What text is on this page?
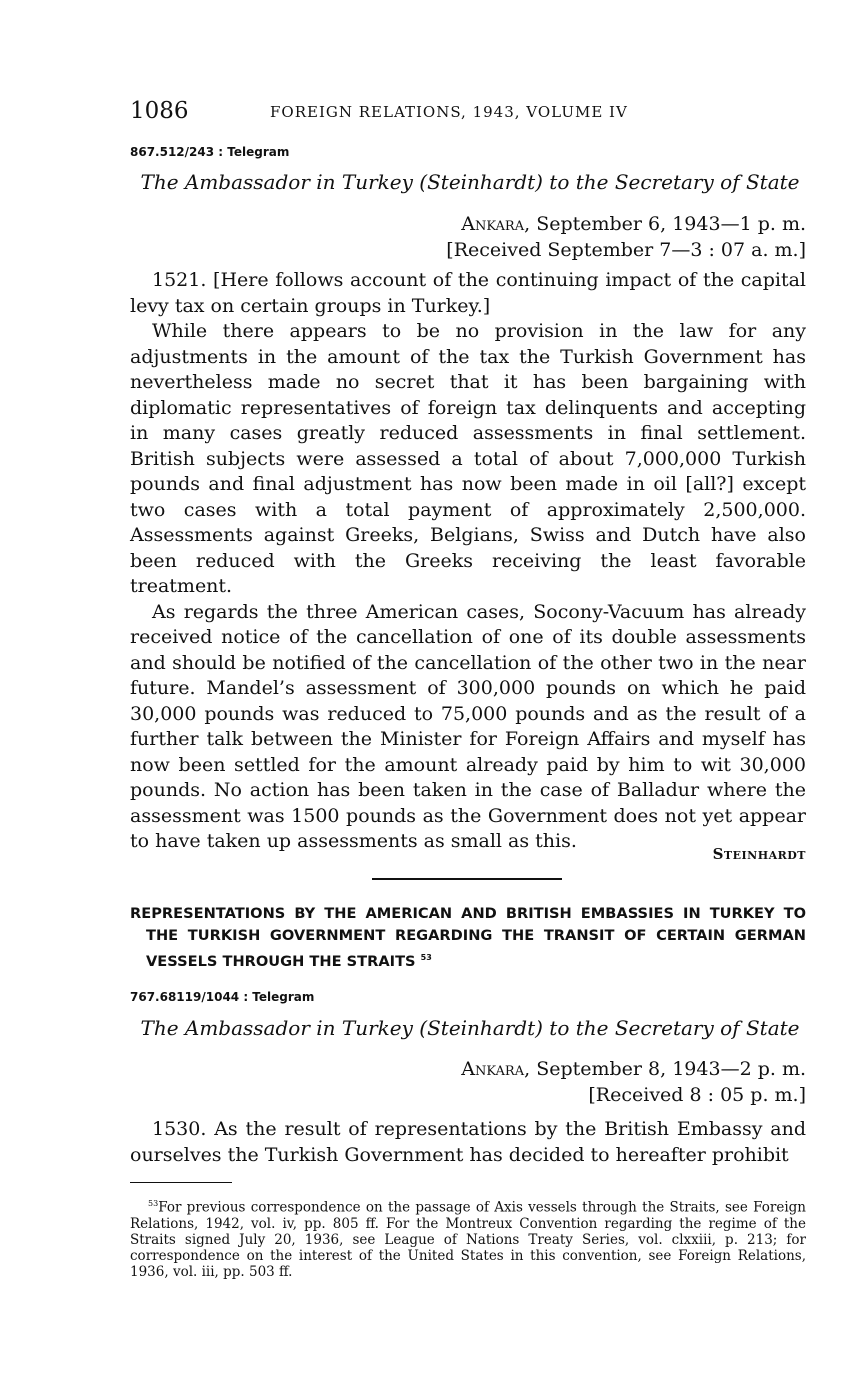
1086	FOREIGN RELATIONS, 1943, VOLUME IV
867.512/243 : Telegram
The Ambassador in Turkey (Steinhardt) to the Secretary of State
Ankara, September 6, 1943—1 p. m.
[Received September 7—3 : 07 a. m.]

1521. [Here follows account of the continuing impact of the capital levy tax on certain groups in Turkey.]

While there appears to be no provision in the law for any adjustments in the amount of the tax the Turkish Government has nevertheless made no secret that it has been bargaining with diplomatic representatives of foreign tax delinquents and accepting in many cases greatly reduced assessments in final settlement. British subjects were assessed a total of about 7,000,000 Turkish pounds and final adjustment has now been made in oil [all?] except two cases with a total payment of approximately 2,500,000. Assessments against Greeks, Belgians, Swiss and Dutch have also been reduced with the Greeks receiving the least favorable treatment.

As regards the three American cases, Socony-Vacuum has already received notice of the cancellation of one of its double assessments and should be notified of the cancellation of the other two in the near future. Mandel’s assessment of 300,000 pounds on which he paid 30,000 pounds was reduced to 75,000 pounds and as the result of a further talk between the Minister for Foreign Affairs and myself has now been settled for the amount already paid by him to wit 30,000 pounds. No action has been taken in the case of Balladur where the assessment was 1500 pounds as the Government does not yet appear to have taken up assessments as small as this.

Steinhardt
REPRESENTATIONS BY THE AMERICAN AND BRITISH EMBASSIES IN TURKEY TO THE TURKISH GOVERNMENT REGARDING THE TRANSIT OF CERTAIN GERMAN VESSELS THROUGH THE STRAITS $^{53}$
767.68119/1044 : Telegram
The Ambassador in Turkey (Steinhardt) to the Secretary of State
Ankara, September 8, 1943—2 p. m.
[Received 8 : 05 p. m.]

1530. As the result of representations by the British Embassy and ourselves the Turkish Government has decided to hereafter prohibit

$^{53}$For previous correspondence on the passage of Axis vessels through the Straits, see Foreign Relations, 1942, vol. iv, pp. 805 ff. For the Montreux Convention regarding the regime of the Straits signed July 20, 1936, see League of Nations Treaty Series, vol. clxxiii, p. 213; for correspondence on the interest of the United States in this convention, see Foreign Relations, 1936, vol. iii, pp. 503 ff.
